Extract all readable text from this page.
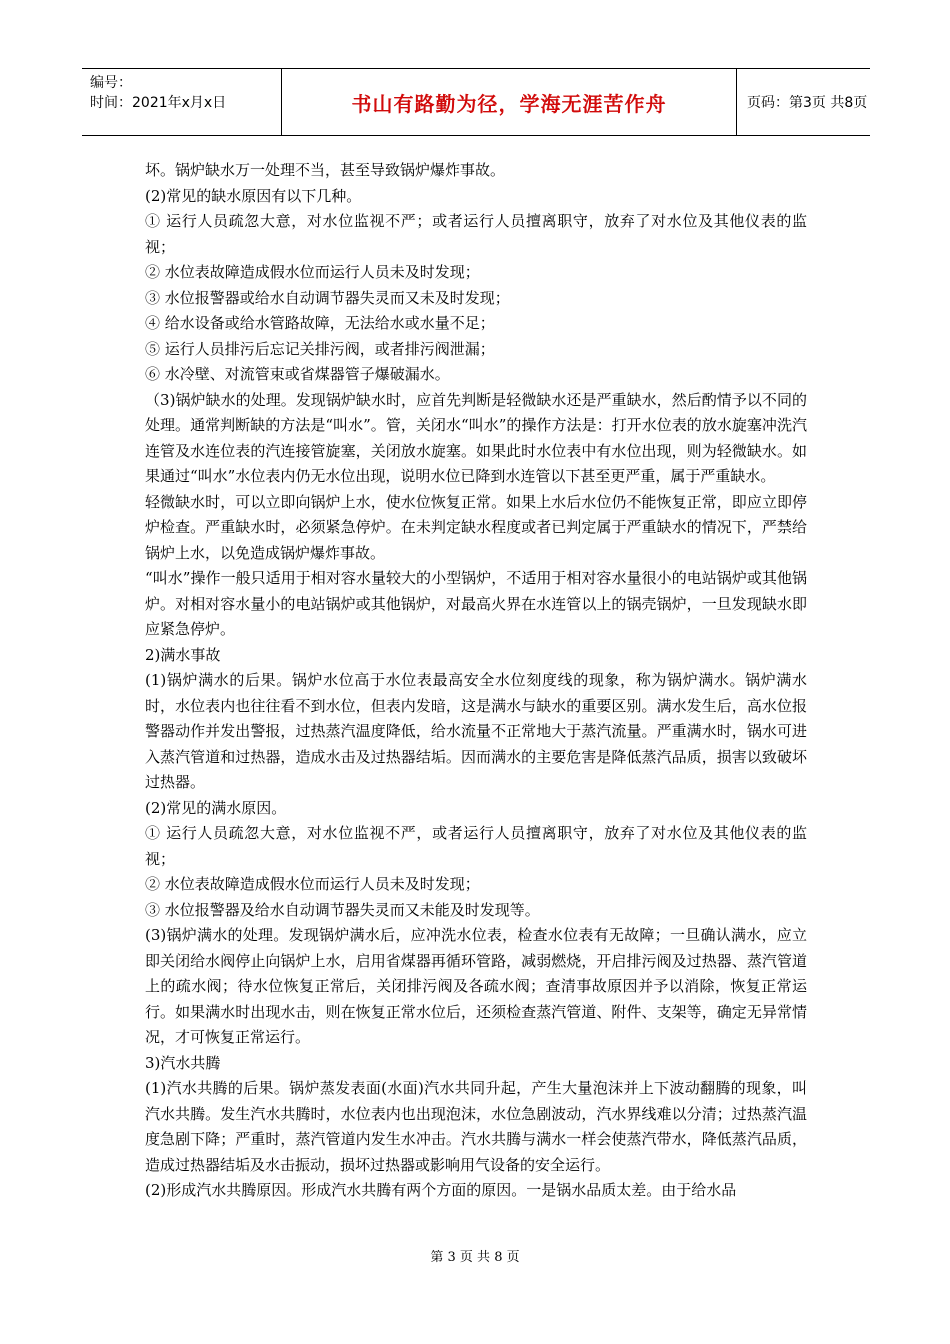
编号：
时间：2021年x月x日	书山有路勤为径，学海无涯苦作舟	页码：第3页 共8页

坏。锅炉缺水万一处理不当，甚至导致锅炉爆炸事故。

(2)常见的缺水原因有以下几种。

① 运行人员疏忽大意，对水位监视不严；或者运行人员擅离职守，放弃了对水位及其他仪表的监视；

② 水位表故障造成假水位而运行人员未及时发现；

③ 水位报警器或给水自动调节器失灵而又未及时发现；

④ 给水设备或给水管路故障，无法给水或水量不足；

⑤ 运行人员排污后忘记关排污阀，或者排污阀泄漏；

⑥ 水冷壁、对流管束或省煤器管子爆破漏水。

（3)锅炉缺水的处理。发现锅炉缺水时，应首先判断是轻微缺水还是严重缺水，然后酌情予以不同的处理。通常判断缺的方法是“叫水”。管，关闭水“叫水”的操作方法是：打开水位表的放水旋塞冲洗汽连管及水连位表的汽连接管旋塞，关闭放水旋塞。如果此时水位表中有水位出现，则为轻微缺水。如果通过“叫水”水位表内仍无水位出现，说明水位已降到水连管以下甚至更严重，属于严重缺水。

轻微缺水时，可以立即向锅炉上水，使水位恢复正常。如果上水后水位仍不能恢复正常，即应立即停炉检查。严重缺水时，必须紧急停炉。在未判定缺水程度或者已判定属于严重缺水的情况下，严禁给锅炉上水，以免造成锅炉爆炸事故。

“叫水”操作一般只适用于相对容水量较大的小型锅炉，不适用于相对容水量很小的电站锅炉或其他锅炉。对相对容水量小的电站锅炉或其他锅炉，对最高火界在水连管以上的锅壳锅炉，一旦发现缺水即应紧急停炉。

2)满水事故

(1)锅炉满水的后果。锅炉水位高于水位表最高安全水位刻度线的现象，称为锅炉满水。锅炉满水时，水位表内也往往看不到水位，但表内发暗，这是满水与缺水的重要区别。满水发生后，高水位报警器动作并发出警报，过热蒸汽温度降低，给水流量不正常地大于蒸汽流量。严重满水时，锅水可进入蒸汽管道和过热器，造成水击及过热器结垢。因而满水的主要危害是降低蒸汽品质，损害以致破坏过热器。

(2)常见的满水原因。

① 运行人员疏忽大意，对水位监视不严，或者运行人员擅离职守，放弃了对水位及其他仪表的监视；

② 水位表故障造成假水位而运行人员未及时发现；

③ 水位报警器及给水自动调节器失灵而又未能及时发现等。

(3)锅炉满水的处理。发现锅炉满水后，应冲洗水位表，检查水位表有无故障；一旦确认满水，应立即关闭给水阀停止向锅炉上水，启用省煤器再循环管路，减弱燃烧，开启排污阀及过热器、蒸汽管道上的疏水阀；待水位恢复正常后，关闭排污阀及各疏水阀；查清事故原因并予以消除，恢复正常运行。如果满水时出现水击，则在恢复正常水位后，还须检查蒸汽管道、附件、支架等，确定无异常情况，才可恢复正常运行。

3)汽水共腾

(1)汽水共腾的后果。锅炉蒸发表面(水面)汽水共同升起，产生大量泡沫并上下波动翻腾的现象，叫汽水共腾。发生汽水共腾时，水位表内也出现泡沫，水位急剧波动，汽水界线难以分清；过热蒸汽温度急剧下降；严重时，蒸汽管道内发生水冲击。汽水共腾与满水一样会使蒸汽带水，降低蒸汽品质，造成过热器结垢及水击振动，损坏过热器或影响用气设备的安全运行。

(2)形成汽水共腾原因。形成汽水共腾有两个方面的原因。一是锅水品质太差。由于给水品

第 3 页 共 8 页
